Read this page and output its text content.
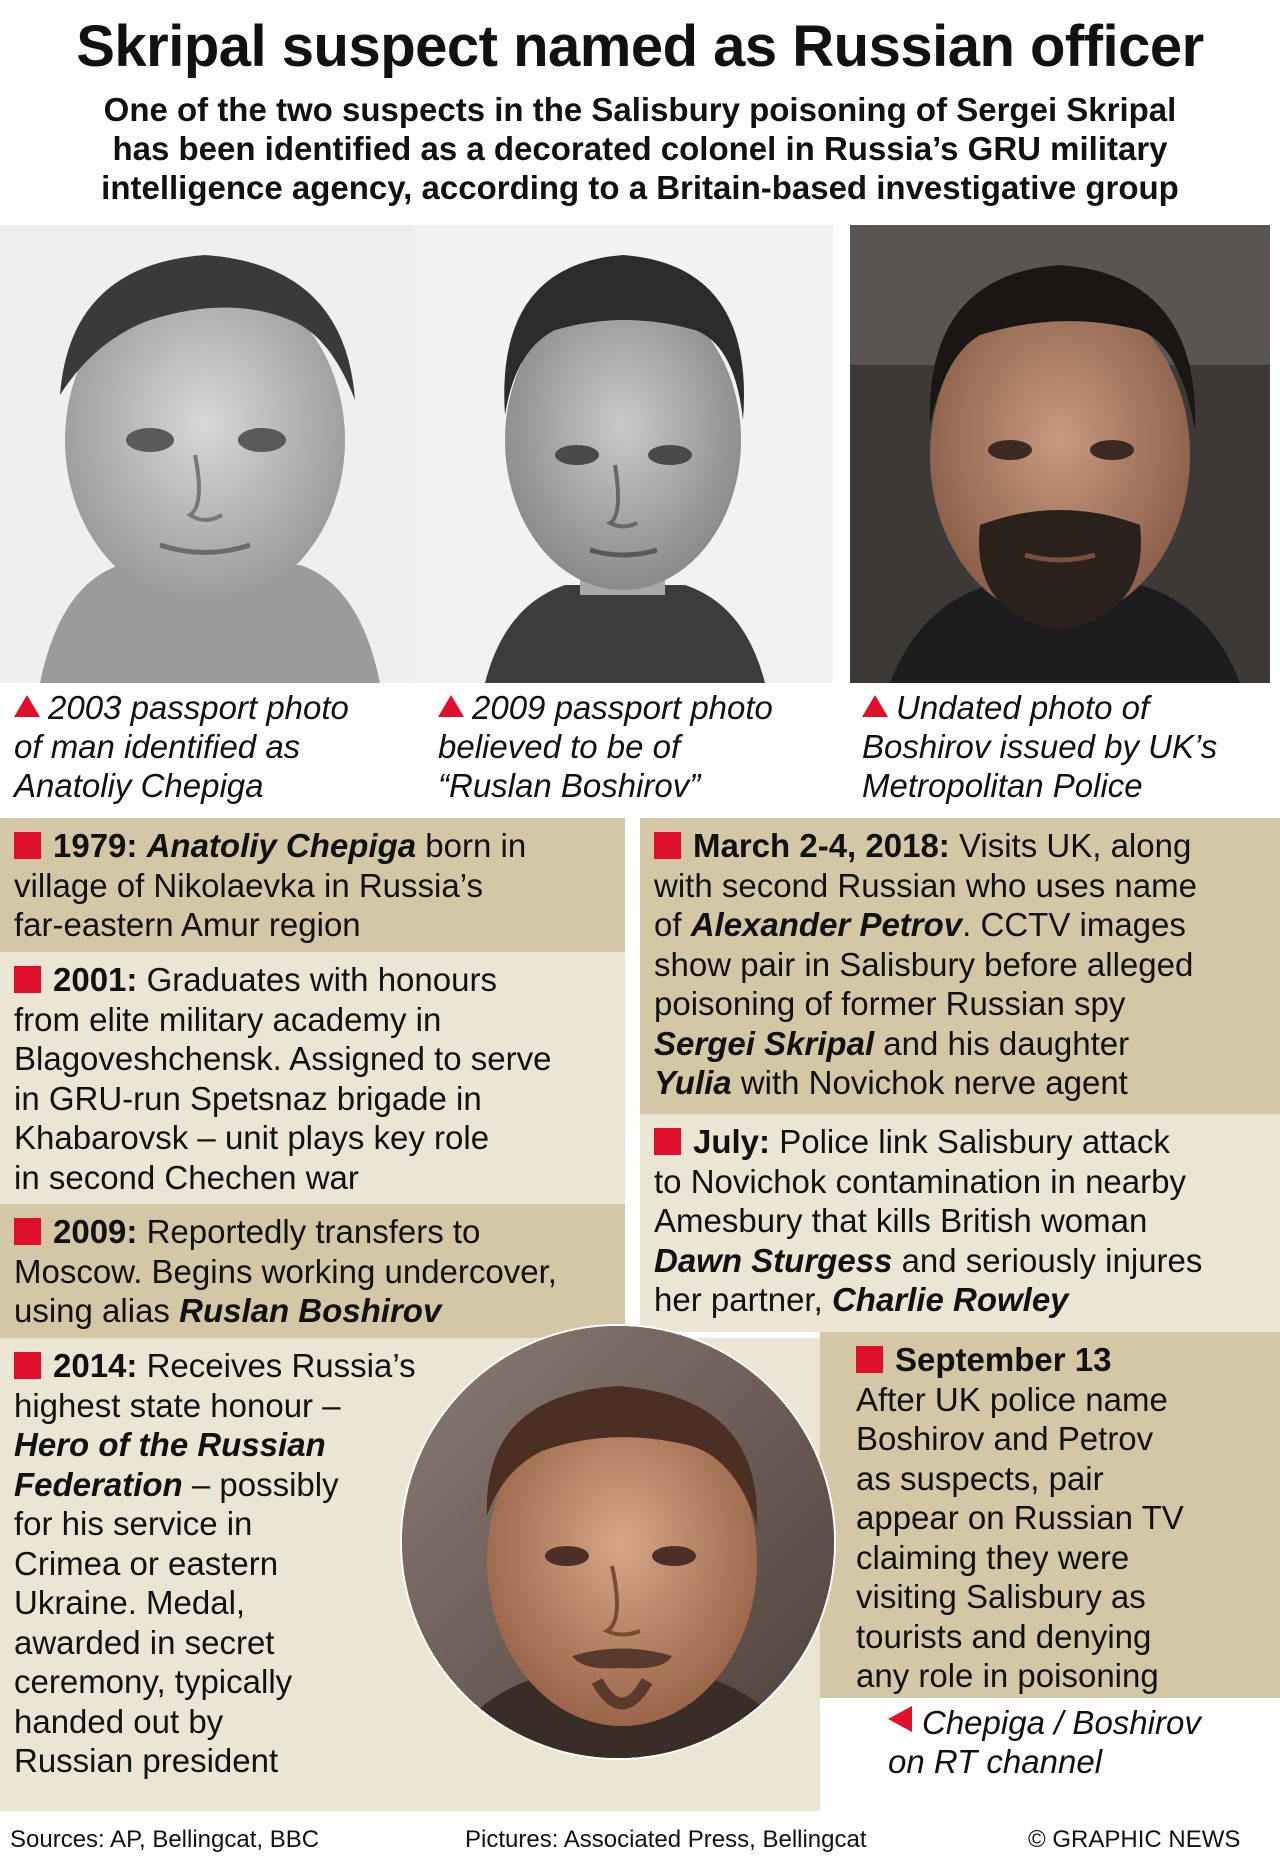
Skripal suspect named as Russian officer
One of the two suspects in the Salisbury poisoning of Sergei Skripal
has been identified as a decorated colonel in Russia’s GRU military
intelligence agency, according to a Britain-based investigative group
2003 passport photo
of man identified as
Anatoliy Chepiga
2009 passport photo
believed to be of
“Ruslan Boshirov”
Undated photo of
Boshirov issued by UK’s
Metropolitan Police
1979: Anatoliy Chepiga born in
village of Nikolaevka in Russia’s
far-eastern Amur region
2001: Graduates with honours
from elite military academy in
Blagoveshchensk. Assigned to serve
in GRU-run Spetsnaz brigade in
Khabarovsk – unit plays key role
in second Chechen war
2009: Reportedly transfers to
Moscow. Begins working undercover,
using alias Ruslan Boshirov
2014: Receives Russia’s
highest state honour –
Hero of the Russian
Federation – possibly
for his service in
Crimea or eastern
Ukraine. Medal,
awarded in secret
ceremony, typically
handed out by
Russian president
March 2-4, 2018: Visits UK, along
with second Russian who uses name
of Alexander Petrov. CCTV images
show pair in Salisbury before alleged
poisoning of former Russian spy
Sergei Skripal and his daughter
Yulia with Novichok nerve agent
July: Police link Salisbury attack
to Novichok contamination in nearby
Amesbury that kills British woman
Dawn Sturgess and seriously injures
her partner, Charlie Rowley
September 13
After UK police name
Boshirov and Petrov
as suspects, pair
appear on Russian TV
claiming they were
visiting Salisbury as
tourists and denying
any role in poisoning
Chepiga / Boshirov
on RT channel
Sources: AP, Bellingcat, BBC	Pictures: Associated Press, Bellingcat	© GRAPHIC NEWS
